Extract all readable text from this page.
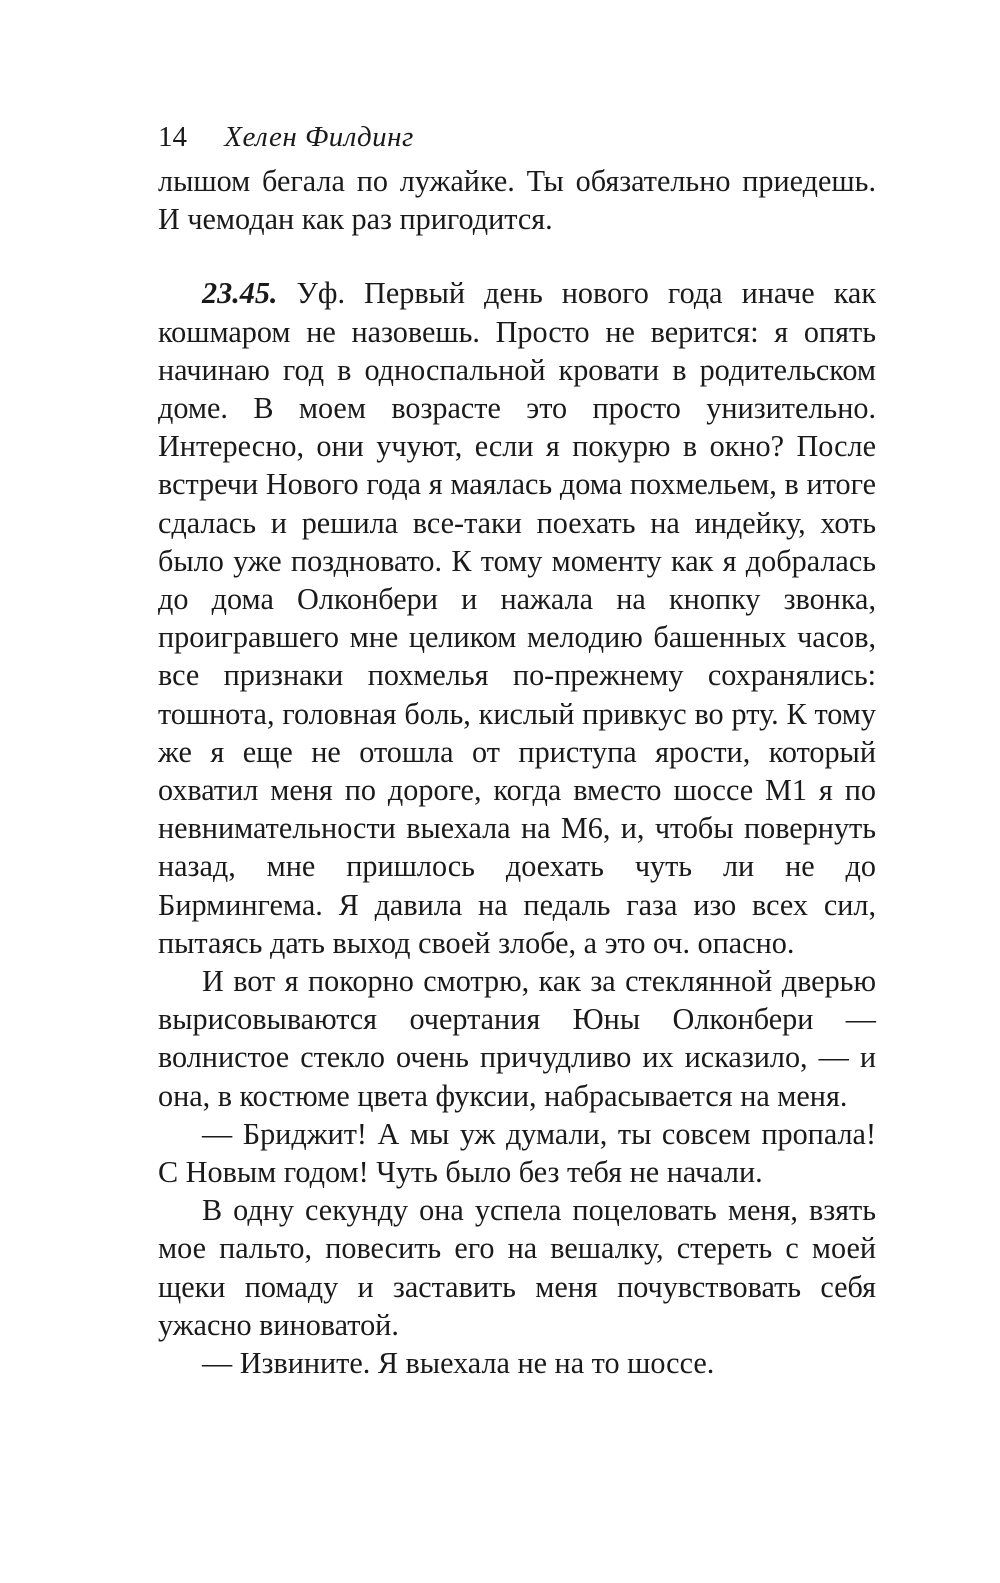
14 Хелен Филдинг

лышом бегала по лужайке. Ты обязательно приедешь. И чемодан как раз пригодится.

23.45. Уф. Первый день нового года иначе как кошмаром не назовешь. Просто не верится: я опять начинаю год в односпальной кровати в родительском доме. В моем возрасте это просто унизительно. Интересно, они учуют, если я покурю в окно? После встречи Нового года я маялась дома похмельем, в итоге сдалась и решила все-таки поехать на индейку, хоть было уже поздновато. К тому моменту как я добралась до дома Олконбери и нажала на кнопку звонка, проигравшего мне целиком мелодию башенных часов, все признаки похмелья по-прежнему сохранялись: тошнота, головная боль, кислый привкус во рту. К тому же я еще не отошла от приступа ярости, который охватил меня по дороге, когда вместо шоссе М1 я по невнимательности выехала на М6, и, чтобы повернуть назад, мне пришлось доехать чуть ли не до Бирмингема. Я давила на педаль газа изо всех сил, пытаясь дать выход своей злобе, а это оч. опасно.

И вот я покорно смотрю, как за стеклянной дверью вырисовываются очертания Юны Олконбери — волнистое стекло очень причудливо их исказило, — и она, в костюме цвета фуксии, набрасывается на меня.

— Бриджит! А мы уж думали, ты совсем пропала! С Новым годом! Чуть было без тебя не начали.

В одну секунду она успела поцеловать меня, взять мое пальто, повесить его на вешалку, стереть с моей щеки помаду и заставить меня почувствовать себя ужасно виноватой.

— Извините. Я выехала не на то шоссе.
